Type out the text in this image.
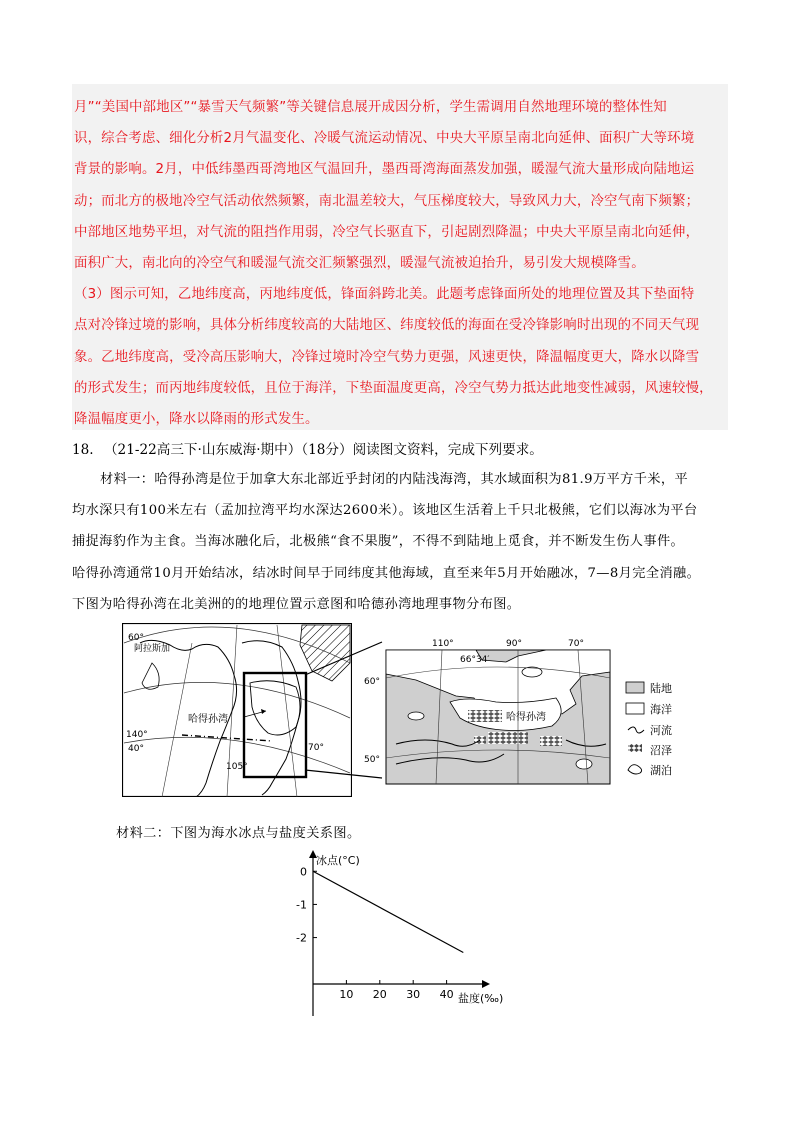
月”“美国中部地区”“暴雪天气频繁”等关键信息展开成因分析，学生需调用自然地理环境的整体性知
识，综合考虑、细化分析2月气温变化、冷暖气流运动情况、中央大平原呈南北向延伸、面积广大等环境
背景的影响。2月，中低纬墨西哥湾地区气温回升，墨西哥湾海面蒸发加强，暖湿气流大量形成向陆地运
动；而北方的极地冷空气活动依然频繁，南北温差较大，气压梯度较大，导致风力大，冷空气南下频繁；
中部地区地势平坦，对气流的阻挡作用弱，冷空气长驱直下，引起剧烈降温；中央大平原呈南北向延伸，
面积广大，南北向的冷空气和暖湿气流交汇频繁强烈，暖湿气流被迫抬升，易引发大规模降雪。
（3）图示可知，乙地纬度高，丙地纬度低，锋面斜跨北美。此题考虑锋面所处的地理位置及其下垫面特
点对冷锋过境的影响，具体分析纬度较高的大陆地区、纬度较低的海面在受冷锋影响时出现的不同天气现
象。乙地纬度高，受冷高压影响大，冷锋过境时冷空气势力更强，风速更快，降温幅度更大，降水以降雪
的形式发生；而丙地纬度较低，且位于海洋，下垫面温度更高，冷空气势力抵达此地变性减弱，风速较慢，
降温幅度更小，降水以降雨的形式发生。
18. （21-22高三下·山东威海·期中）（18分）阅读图文资料，完成下列要求。
材料一：哈得孙湾是位于加拿大东北部近乎封闭的内陆浅海湾，其水域面积为81.9万平方千米，平
均水深只有100米左右（孟加拉湾平均水深达2600米）。该地区生活着上千只北极熊，它们以海冰为平台
捕捉海豹作为主食。当海冰融化后，北极熊“食不果腹”，不得不到陆地上觅食，并不断发生伤人事件。
哈得孙湾通常10月开始结冰，结冰时间早于同纬度其他海域，直至来年5月开始融冰，7—8月完全消融。
下图为哈得孙湾在北美洲的的地理位置示意图和哈德孙湾地理事物分布图。
60°
阿拉斯加
哈得孙湾
140°
40°
105°
70°
110°	90°	70°
66°34′
60°
50°
哈得孙湾
陆地
海洋
河流
沼泽
湖泊
材料二：下图为海水冰点与盐度关系图。
10 20 30 40
0
-1
-2
冰点(°C)
盐度(‰)
